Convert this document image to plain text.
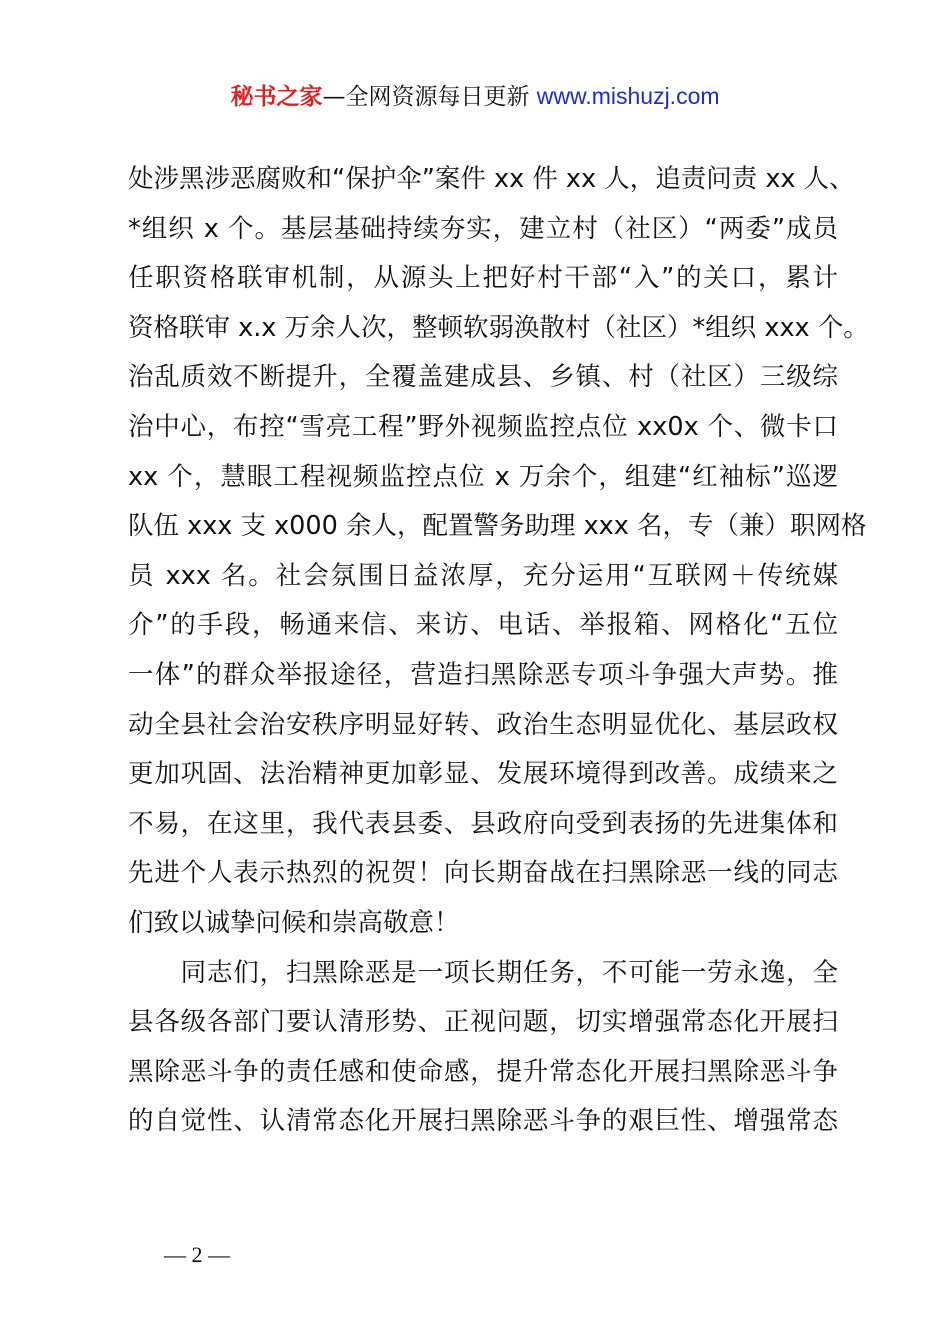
秘书之家—全网资源每日更新 www.mishuzj.com
处涉黑涉恶腐败和“保护伞”案件 xx 件 xx 人，追责问责 xx 人、
*组织 x 个。基层基础持续夯实，建立村（社区）“两委”成员
任职资格联审机制，从源头上把好村干部“入”的关口，累计
资格联审 x.x 万余人次，整顿软弱涣散村（社区）*组织 xxx 个。
治乱质效不断提升，全覆盖建成县、乡镇、村（社区）三级综
治中心，布控“雪亮工程”野外视频监控点位 xx0x 个、微卡口
xx 个，慧眼工程视频监控点位 x 万余个，组建“红袖标”巡逻
队伍 xxx 支 x000 余人，配置警务助理 xxx 名，专（兼）职网格
员 xxx 名。社会氛围日益浓厚，充分运用“互联网＋传统媒
介”的手段，畅通来信、来访、电话、举报箱、网格化“五位
一体”的群众举报途径，营造扫黑除恶专项斗争强大声势。推
动全县社会治安秩序明显好转、政治生态明显优化、基层政权
更加巩固、法治精神更加彰显、发展环境得到改善。成绩来之
不易，在这里，我代表县委、县政府向受到表扬的先进集体和
先进个人表示热烈的祝贺！向长期奋战在扫黑除恶一线的同志
们致以诚挚问候和崇高敬意！
　　同志们，扫黑除恶是一项长期任务，不可能一劳永逸，全
县各级各部门要认清形势、正视问题，切实增强常态化开展扫
黑除恶斗争的责任感和使命感，提升常态化开展扫黑除恶斗争
的自觉性、认清常态化开展扫黑除恶斗争的艰巨性、增强常态
— 2 —
